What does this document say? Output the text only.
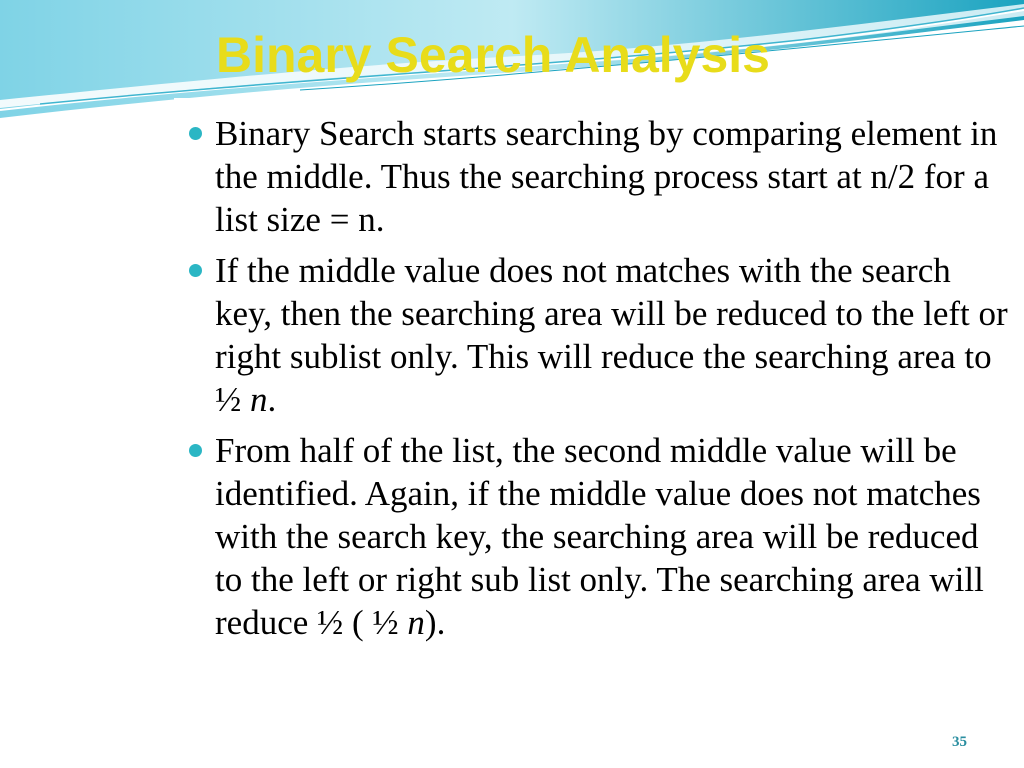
Binary Search Analysis
Binary Search starts searching by comparing element in the middle. Thus the searching process start at n/2 for a list size = n.
If the middle value does not matches with the search key, then the searching area will be reduced to the left or right sublist only. This will reduce the searching area to ½ n.
From half of the list, the second middle value will be identified. Again, if the middle value does not matches with the search key, the searching area will be reduced to the left or right sub list only. The searching area will reduce ½ ( ½ n).
35
